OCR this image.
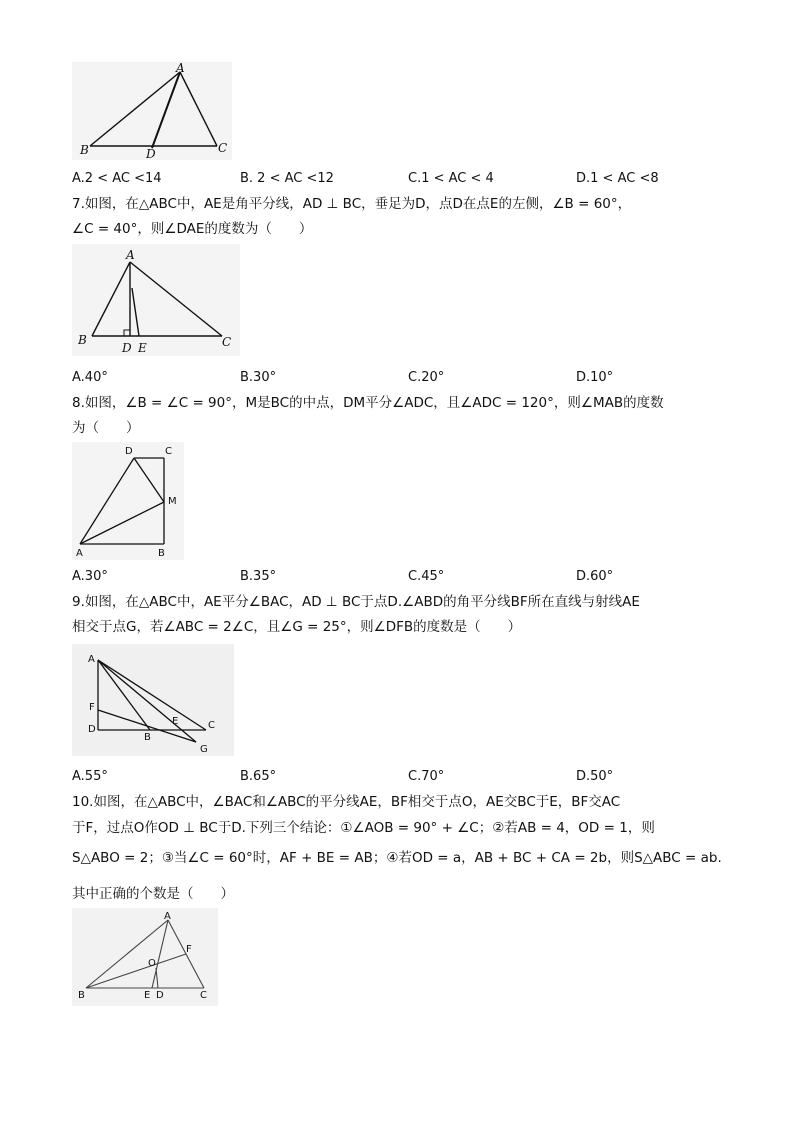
A
B	D	C
A.2 < AC <14	B. 2 < AC <12	C.1 < AC < 4	D.1 < AC <8
7.如图，在△ABC中，AE是角平分线，AD ⊥ BC，垂足为D，点D在点E的左侧，∠B = 60°，
∠C = 40°，则∠DAE的度数为（　　）
A
B
D E	C
A.40°	B.30°	C.20°	D.10°
8.如图，∠B = ∠C = 90°，M是BC的中点，DM平分∠ADC，且∠ADC = 120°，则∠MAB的度数
为（　　）
D	C
M
A	B
A.30°	B.35°	C.45°	D.60°
9.如图，在△ABC中，AE平分∠BAC，AD ⊥ BC于点D.∠ABD的角平分线BF所在直线与射线AE
相交于点G，若∠ABC = 2∠C，且∠G = 25°，则∠DFB的度数是（　　）
A
F
D
B
E	C
G
A.55°	B.65°	C.70°	D.50°
10.如图，在△ABC中，∠BAC和∠ABC的平分线AE，BF相交于点O，AE交BC于E，BF交AC
于F，过点O作OD ⊥ BC于D.下列三个结论：①∠AOB = 90° + ∠C；②若AB = 4，OD = 1，则
S△ABO = 2；③当∠C = 60°时，AF + BE = AB；④若OD = a，AB + BC + CA = 2b，则S△ABC = ab.
其中正确的个数是（　　）
A
F
O
B	E D	C
